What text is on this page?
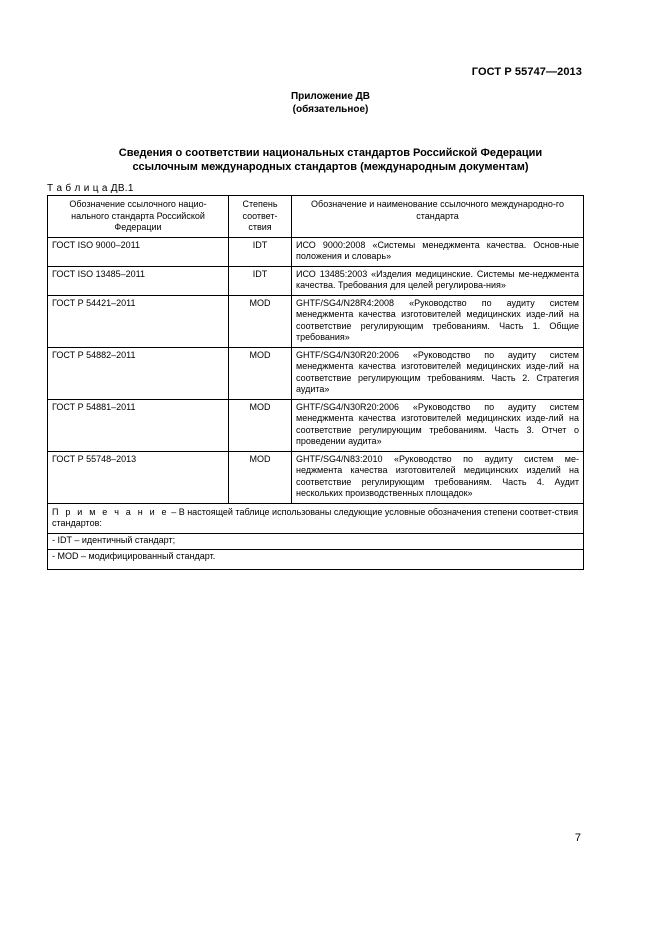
ГОСТ Р 55747—2013
Приложение ДВ
(обязательное)
Сведения о соответствии национальных стандартов Российской Федерации
ссылочным международных стандартов (международным документам)
Т а б л и ц а ДВ.1
Обозначение ссылочного нацио-нального стандарта Российской Федерации	Степень соответ-ствия	Обозначение и наименование ссылочного международно-го стандарта
ГОСТ ISO 9000–2011	IDT	ИСО 9000:2008 «Системы менеджмента качества. Основ-ные положения и словарь»
ГОСТ ISO 13485–2011	IDT	ИСО 13485:2003 «Изделия медицинские. Системы ме-неджмента качества. Требования для целей регулирова-ния»
ГОСТ Р 54421–2011	MOD	GHTF/SG4/N28R4:2008 «Руководство по аудиту систем менеджмента качества изготовителей медицинских изде-лий на соответствие регулирующим требованиям. Часть 1. Общие требования»
ГОСТ Р 54882–2011	MOD	GHTF/SG4/N30R20:2006 «Руководство по аудиту систем менеджмента качества изготовителей медицинских изде-лий на соответствие регулирующим требованиям. Часть 2. Стратегия аудита»
ГОСТ Р 54881–2011	MOD	GHTF/SG4/N30R20:2006 «Руководство по аудиту систем менеджмента качества изготовителей медицинских изде-лий на соответствие регулирующим требованиям. Часть 3. Отчет о проведении аудита»
ГОСТ Р 55748–2013	MOD	GHTF/SG4/N83:2010 «Руководство по аудиту систем ме-неджмента качества изготовителей медицинских изделий на соответствие регулирующим требованиям. Часть 4. Аудит нескольких производственных площадок»

П р и м е ч а н и е – В настоящей таблице использованы следующие условные обозначения степени соответ-ствия стандартов:
- IDT – идентичный стандарт;
- MOD – модифицированный стандарт.		
7
